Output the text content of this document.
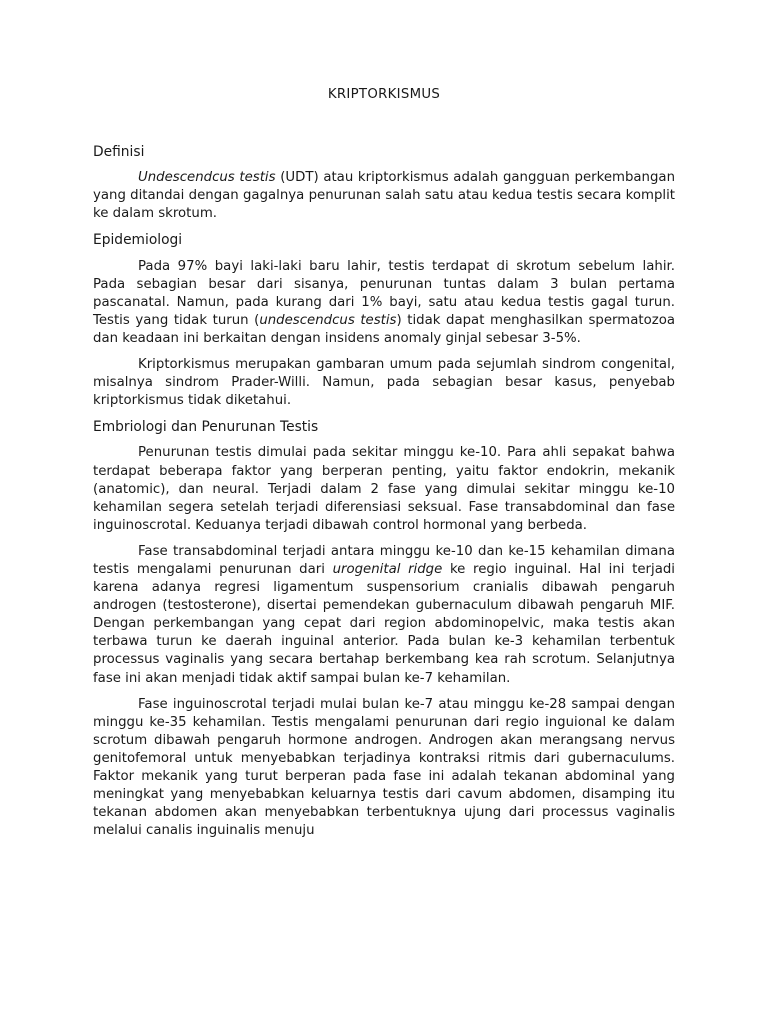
KRIPTORKISMUS
Definisi

Undescendcus testis (UDT) atau kriptorkismus adalah gangguan perkembangan yang ditandai dengan gagalnya penurunan salah satu atau kedua testis secara komplit ke dalam skrotum.

Epidemiologi

Pada 97% bayi laki-laki baru lahir, testis terdapat di skrotum sebelum lahir. Pada sebagian besar dari sisanya, penurunan tuntas dalam 3 bulan pertama pascanatal. Namun, pada kurang dari 1% bayi, satu atau kedua testis gagal turun. Testis yang tidak turun (undescendcus testis) tidak dapat menghasilkan spermatozoa dan keadaan ini berkaitan dengan insidens anomaly ginjal sebesar 3-5%.

Kriptorkismus merupakan gambaran umum pada sejumlah sindrom congenital, misalnya sindrom Prader-Willi. Namun, pada sebagian besar kasus, penyebab kriptorkismus tidak diketahui.

Embriologi dan Penurunan Testis

Penurunan testis dimulai pada sekitar minggu ke-10. Para ahli sepakat bahwa terdapat beberapa faktor yang berperan penting, yaitu faktor endokrin, mekanik (anatomic), dan neural. Terjadi dalam 2 fase yang dimulai sekitar minggu ke-10 kehamilan segera setelah terjadi diferensiasi seksual. Fase transabdominal dan fase inguinoscrotal. Keduanya terjadi dibawah control hormonal yang berbeda.

Fase transabdominal terjadi antara minggu ke-10 dan ke-15 kehamilan dimana testis mengalami penurunan dari urogenital ridge ke regio inguinal. Hal ini terjadi karena adanya regresi ligamentum suspensorium cranialis dibawah pengaruh androgen (testosterone), disertai pemendekan gubernaculum dibawah pengaruh MIF. Dengan perkembangan yang cepat dari region abdominopelvic, maka testis akan terbawa turun ke daerah inguinal anterior. Pada bulan ke-3 kehamilan terbentuk processus vaginalis yang secara bertahap berkembang kea rah scrotum. Selanjutnya fase ini akan menjadi tidak aktif sampai bulan ke-7 kehamilan.

Fase inguinoscrotal terjadi mulai bulan ke-7 atau minggu ke-28 sampai dengan minggu ke-35 kehamilan. Testis mengalami penurunan dari regio inguional ke dalam scrotum dibawah pengaruh hormone androgen. Androgen akan merangsang nervus genitofemoral untuk menyebabkan terjadinya kontraksi ritmis dari gubernaculums. Faktor mekanik yang turut berperan pada fase ini adalah tekanan abdominal yang meningkat yang menyebabkan keluarnya testis dari cavum abdomen, disamping itu tekanan abdomen akan menyebabkan terbentuknya ujung dari processus vaginalis melalui canalis inguinalis menuju
